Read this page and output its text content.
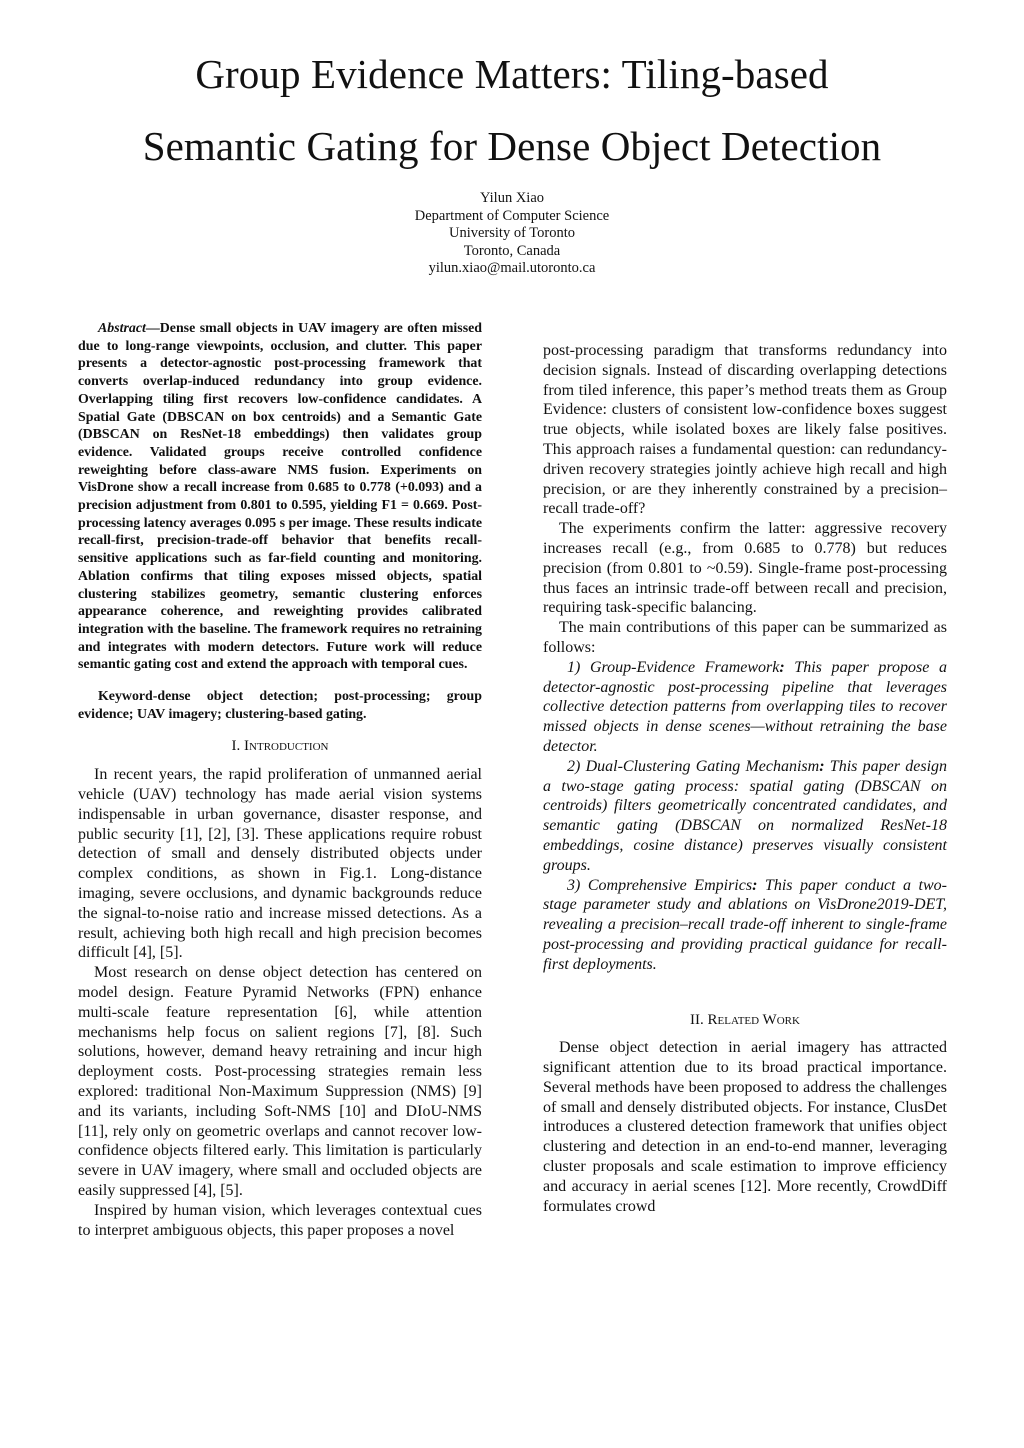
Group Evidence Matters: Tiling-based
Semantic Gating for Dense Object Detection
Yilun Xiao
Department of Computer Science
University of Toronto
Toronto, Canada
yilun.xiao@mail.utoronto.ca

Abstract—Dense small objects in UAV imagery are often missed due to long-range viewpoints, occlusion, and clutter. This paper presents a detector-agnostic post-processing framework that converts overlap-induced redundancy into group evidence. Overlapping tiling first recovers low-confidence candidates. A Spatial Gate (DBSCAN on box centroids) and a Semantic Gate (DBSCAN on ResNet-18 embeddings) then validates group evidence. Validated groups receive controlled confidence reweighting before class-aware NMS fusion. Experiments on VisDrone show a recall increase from 0.685 to 0.778 (+0.093) and a precision adjustment from 0.801 to 0.595, yielding F1 = 0.669. Post-processing latency averages 0.095 s per image. These results indicate recall-first, precision-trade-off behavior that benefits recall-sensitive applications such as far-field counting and monitoring. Ablation confirms that tiling exposes missed objects, spatial clustering stabilizes geometry, semantic clustering enforces appearance coherence, and reweighting provides calibrated integration with the baseline. The framework requires no retraining and integrates with modern detectors. Future work will reduce semantic gating cost and extend the approach with temporal cues.

Keyword-dense object detection; post-processing; group evidence; UAV imagery; clustering-based gating.

I. Introduction

In recent years, the rapid proliferation of unmanned aerial vehicle (UAV) technology has made aerial vision systems indispensable in urban governance, disaster response, and public security [1], [2], [3]. These applications require robust detection of small and densely distributed objects under complex conditions, as shown in Fig.1. Long-distance imaging, severe occlusions, and dynamic backgrounds reduce the signal-to-noise ratio and increase missed detections. As a result, achieving both high recall and high precision becomes difficult [4], [5].

Most research on dense object detection has centered on model design. Feature Pyramid Networks (FPN) enhance multi-scale feature representation [6], while attention mechanisms help focus on salient regions [7], [8]. Such solutions, however, demand heavy retraining and incur high deployment costs. Post-processing strategies remain less explored: traditional Non-Maximum Suppression (NMS) [9] and its variants, including Soft-NMS [10] and DIoU-NMS [11], rely only on geometric overlaps and cannot recover low-confidence objects filtered early. This limitation is particularly severe in UAV imagery, where small and occluded objects are easily suppressed [4], [5].

Inspired by human vision, which leverages contextual cues to interpret ambiguous objects, this paper proposes a novel

post-processing paradigm that transforms redundancy into decision signals. Instead of discarding overlapping detections from tiled inference, this paper’s method treats them as Group Evidence: clusters of consistent low-confidence boxes suggest true objects, while isolated boxes are likely false positives. This approach raises a fundamental question: can redundancy-driven recovery strategies jointly achieve high recall and high precision, or are they inherently constrained by a precision–recall trade-off?

The experiments confirm the latter: aggressive recovery increases recall (e.g., from 0.685 to 0.778) but reduces precision (from 0.801 to ~0.59). Single-frame post-processing thus faces an intrinsic trade-off between recall and precision, requiring task-specific balancing.

The main contributions of this paper can be summarized as follows:

1) Group-Evidence Framework: This paper propose a detector-agnostic post-processing pipeline that leverages collective detection patterns from overlapping tiles to recover missed objects in dense scenes—without retraining the base detector.

2) Dual-Clustering Gating Mechanism: This paper design a two-stage gating process: spatial gating (DBSCAN on centroids) filters geometrically concentrated candidates, and semantic gating (DBSCAN on normalized ResNet-18 embeddings, cosine distance) preserves visually consistent groups.

3) Comprehensive Empirics: This paper conduct a two-stage parameter study and ablations on VisDrone2019-DET, revealing a precision–recall trade-off inherent to single-frame post-processing and providing practical guidance for recall-first deployments.

II. Related Work

Dense object detection in aerial imagery has attracted significant attention due to its broad practical importance. Several methods have been proposed to address the challenges of small and densely distributed objects. For instance, ClusDet introduces a clustered detection framework that unifies object clustering and detection in an end-to-end manner, leveraging cluster proposals and scale estimation to improve efficiency and accuracy in aerial scenes [12]. More recently, CrowdDiff formulates crowd
